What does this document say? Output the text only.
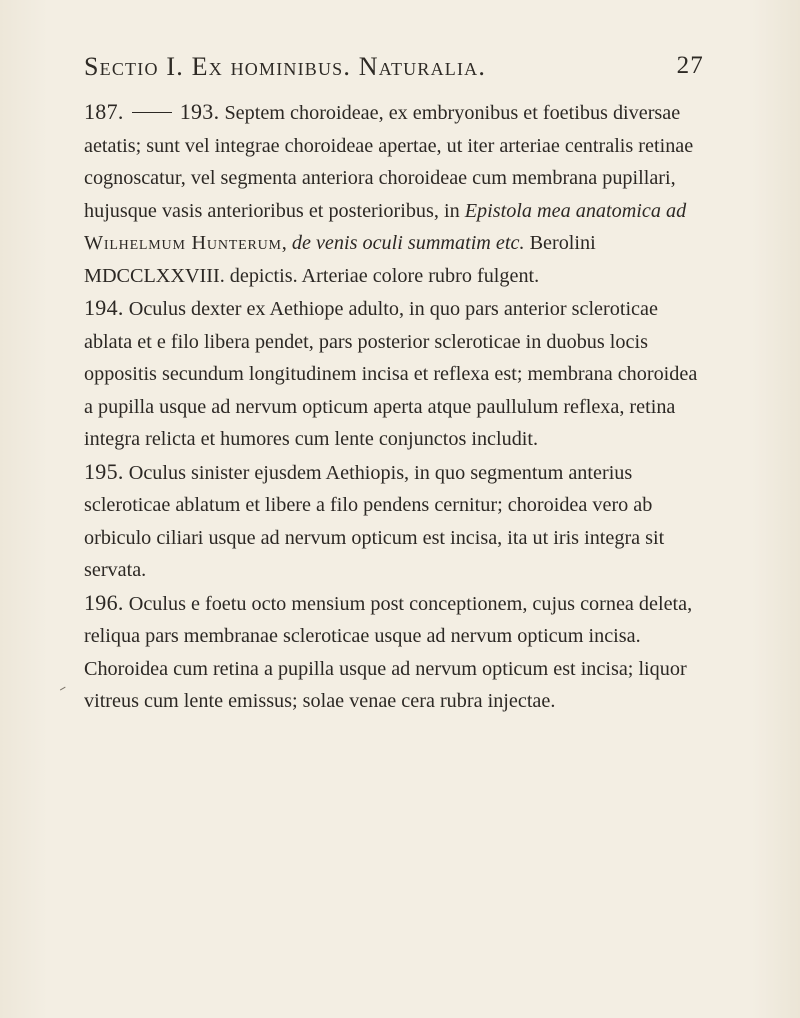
Sectio I. Ex hominibus. Naturalia.	27

187.	193. Septem choroideae, ex embryonibus et foetibus diversae aetatis; sunt vel integrae choroideae apertae, ut iter arteriae centralis retinae cognoscatur, vel segmenta anteriora choroideae cum membrana pupillari, hujusque vasis anterioribus et posterioribus, in Epistola mea anatomica ad Wilhelmum Hunterum, de venis oculi summatim etc. Berolini MDCCLXXVIII. depictis. Arteriae colore rubro fulgent.

194. Oculus dexter ex Aethiope adulto, in quo pars anterior scleroticae ablata et e filo libera pendet, pars posterior scleroticae in duobus locis oppositis secundum longitudinem incisa et reflexa est; membrana choroidea a pupilla usque ad nervum opticum aperta atque paullulum reflexa, retina integra relicta et humores cum lente conjunctos includit.

195. Oculus sinister ejusdem Aethiopis, in quo segmentum anterius scleroticae ablatum et libere a filo pendens cernitur; choroidea vero ab orbiculo ciliari usque ad nervum opticum est incisa, ita ut iris integra sit servata.

196. Oculus e foetu octo mensium post conceptionem, cujus cornea deleta, reliqua pars membranae scleroticae usque ad nervum opticum incisa. Choroidea cum retina a pupilla usque ad nervum opticum est incisa; liquor vitreus cum lente emissus; solae venae cera rubra injectae.
